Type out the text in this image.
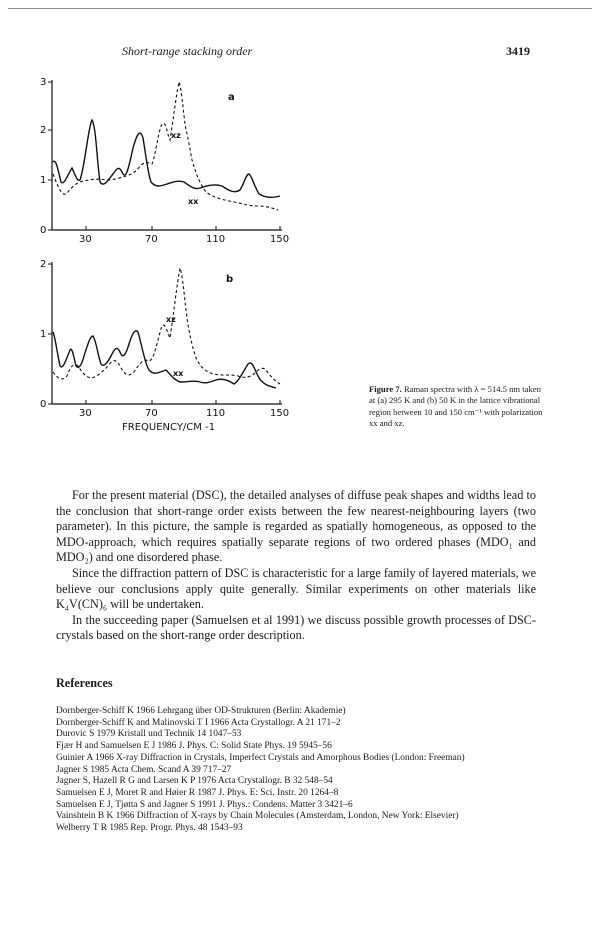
Short-range stacking order	3419
0
1
2
3
30	70	110	150
a
xx
xz
0
1
2
30	70	110	150
b
xx
xz
FREQUENCY/CM -1
Figure 7. Raman spectra with λ = 514.5 nm taken at (a) 295 K and (b) 50 K in the lattice vibrational region between 10 and 150 cm⁻¹ with polarization xx and xz.

For the present material (DSC), the detailed analyses of diffuse peak shapes and widths lead to the conclusion that short-range order exists between the few nearest-neighbouring layers (two parameter). In this picture, the sample is regarded as spatially homogeneous, as opposed to the MDO-approach, which requires spatially separate regions of two ordered phases (MDO₁ and MDO₂) and one disordered phase.

Since the diffraction pattern of DSC is characteristic for a large family of layered materials, we believe our conclusions apply quite generally. Similar experiments on other materials like K₄V(CN)₆ will be undertaken.

In the succeeding paper (Samuelsen et al 1991) we discuss possible growth processes of DSC-crystals based on the short-range order description.

References
Dornberger-Schiff K 1966 Lehrgang über OD-Strukturen (Berlin: Akademie)
Dornberger-Schiff K and Malinovski T I 1966 Acta Crystallogr. A 21 171–2
Durovic S 1979 Kristall und Technik 14 1047–53
Fjær H and Samuelsen E J 1986 J. Phys. C: Solid State Phys. 19 5945–56
Guinier A 1966 X-ray Diffraction in Crystals, Imperfect Crystals and Amorphous Bodies (London: Freeman)
Jagner S 1985 Acta Chem. Scand A 39 717–27
Jagner S, Hazell R G and Larsen K P 1976 Acta Crystallogr. B 32 548–54
Samuelsen E J, Moret R and Høier R 1987 J. Phys. E: Sci. Instr. 20 1264–8
Samuelsen E J, Tjøtta S and Jagner S 1991 J. Phys.: Condens. Matter 3 3421–6
Vainshtein B K 1966 Diffraction of X-rays by Chain Molecules (Amsterdam, London, New York: Elsevier)
Welberry T R 1985 Rep. Progr. Phys. 48 1543–93
